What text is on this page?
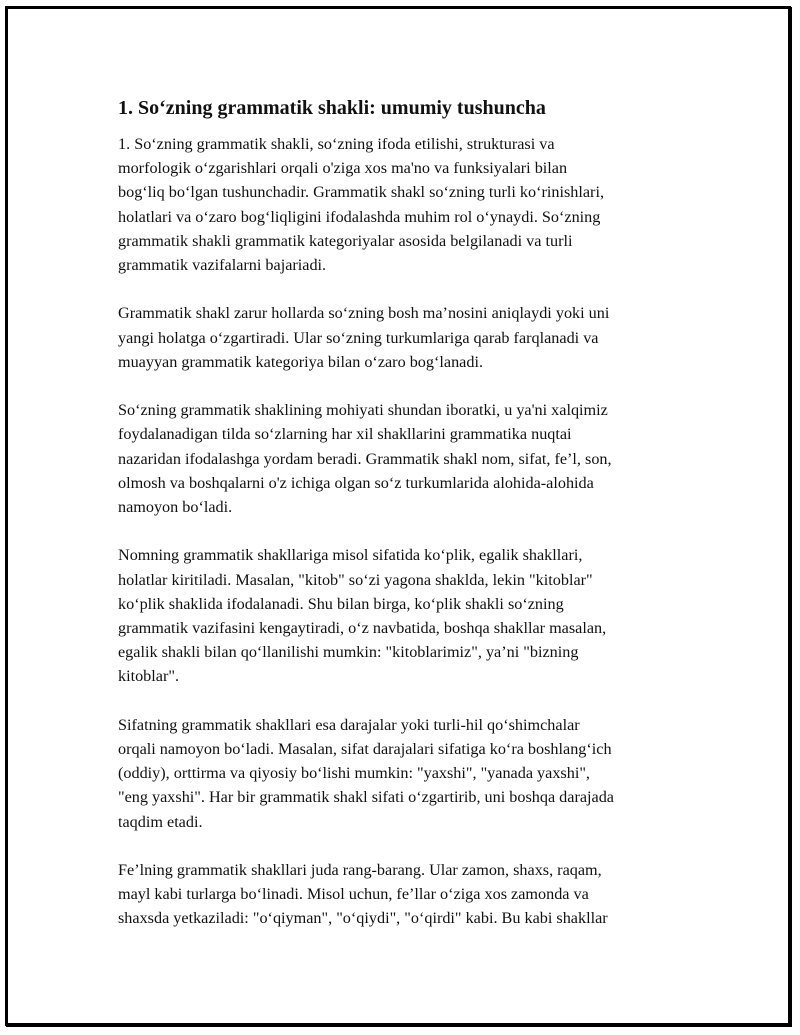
1. So‘zning grammatik shakli: umumiy tushuncha
1. So‘zning grammatik shakli, so‘zning ifoda etilishi, strukturasi va
morfologik o‘zgarishlari orqali o'ziga xos ma'no va funksiyalari bilan
bog‘liq bo‘lgan tushunchadir. Grammatik shakl so‘zning turli ko‘rinishlari,
holatlari va o‘zaro bog‘liqligini ifodalashda muhim rol o‘ynaydi. So‘zning
grammatik shakli grammatik kategoriyalar asosida belgilanadi va turli
grammatik vazifalarni bajariadi.
Grammatik shakl zarur hollarda so‘zning bosh ma’nosini aniqlaydi yoki uni
yangi holatga o‘zgartiradi. Ular so‘zning turkumlariga qarab farqlanadi va
muayyan grammatik kategoriya bilan o‘zaro bog‘lanadi.
So‘zning grammatik shaklining mohiyati shundan iboratki, u ya'ni xalqimiz
foydalanadigan tilda so‘zlarning har xil shakllarini grammatika nuqtai
nazaridan ifodalashga yordam beradi. Grammatik shakl nom, sifat, fe’l, son,
olmosh va boshqalarni o'z ichiga olgan so‘z turkumlarida alohida-alohida
namoyon bo‘ladi.
Nomning grammatik shakllariga misol sifatida ko‘plik, egalik shakllari,
holatlar kiritiladi. Masalan, "kitob" so‘zi yagona shaklda, lekin "kitoblar"
ko‘plik shaklida ifodalanadi. Shu bilan birga, ko‘plik shakli so‘zning
grammatik vazifasini kengaytiradi, o‘z navbatida, boshqa shakllar masalan,
egalik shakli bilan qo‘llanilishi mumkin: "kitoblarimiz", ya’ni "bizning
kitoblar".
Sifatning grammatik shakllari esa darajalar yoki turli-hil qo‘shimchalar
orqali namoyon bo‘ladi. Masalan, sifat darajalari sifatiga ko‘ra boshlang‘ich
(oddiy), orttirma va qiyosiy bo‘lishi mumkin: "yaxshi", "yanada yaxshi",
"eng yaxshi". Har bir grammatik shakl sifati o‘zgartirib, uni boshqa darajada
taqdim etadi.
Fe’lning grammatik shakllari juda rang-barang. Ular zamon, shaxs, raqam,
mayl kabi turlarga bo‘linadi. Misol uchun, fe’llar o‘ziga xos zamonda va
shaxsda yetkaziladi: "o‘qiyman", "o‘qiydi", "o‘qirdi" kabi. Bu kabi shakllar
